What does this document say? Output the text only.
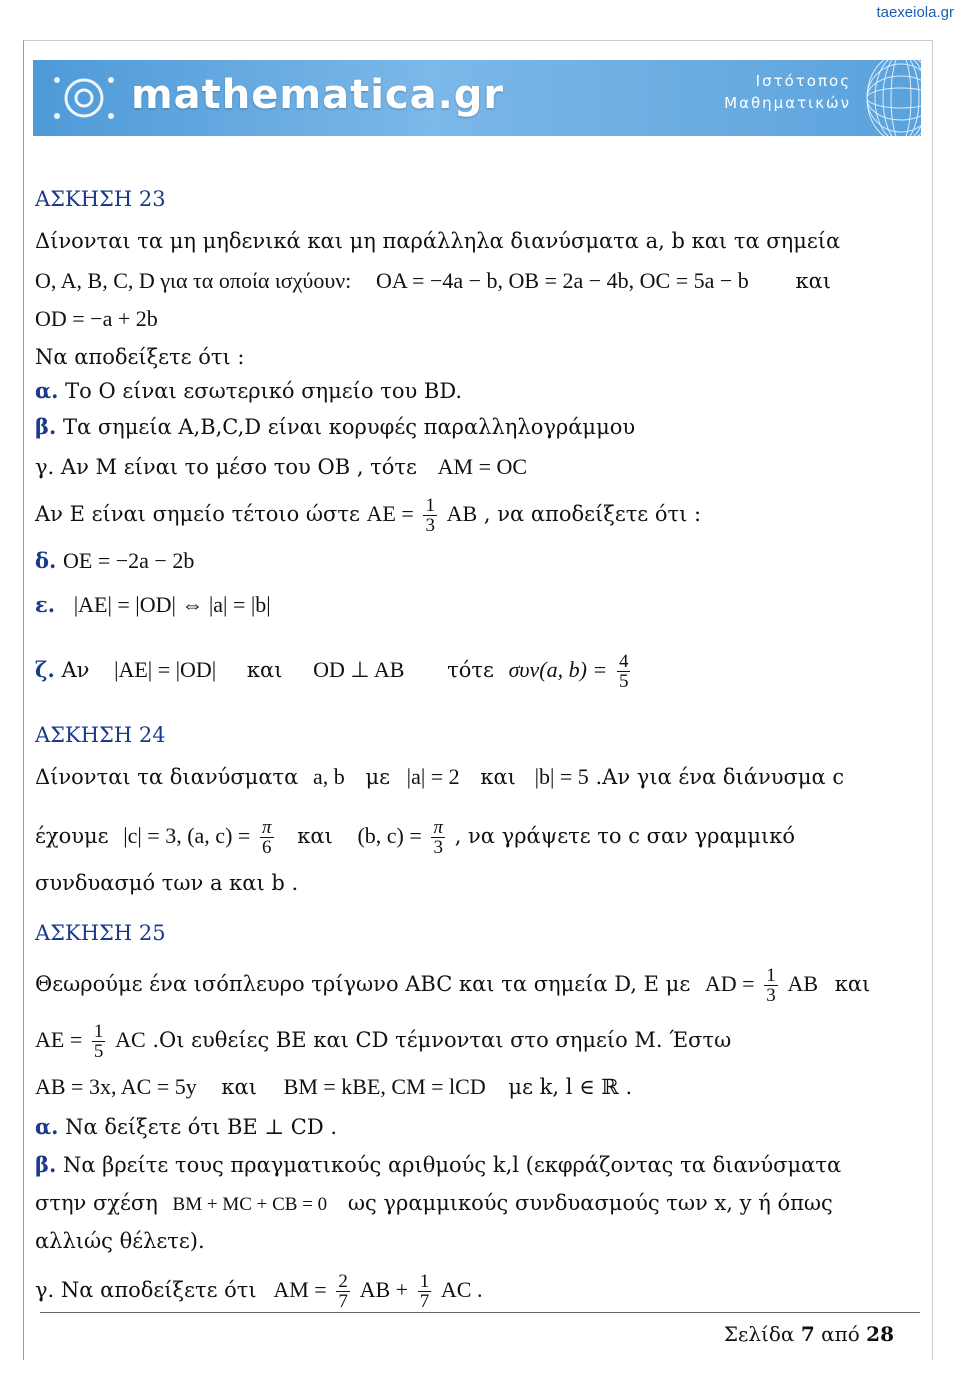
taexeiola.gr
mathematica.gr	Ιστότοπος
Μαθηματικών
ΑΣΚΗΣΗ 23
Δίνονται τα μη μηδενικά και μη παράλληλα διανύσματα a, b και τα σημεία
O, A, B, C, D για τα οποία ισχύουν: OA = −4a − b, OB = 2a − 4b, OC = 5a − b και
OD = −a + 2b
Να αποδείξετε ότι :
α. Το O είναι εσωτερικό σημείο του BD.
β. Τα σημεία A,B,C,D είναι κορυφές παραλληλογράμμου
γ. Αν M είναι το μέσο του OB , τότε AM = OC
Αν E είναι σημείο τέτοιο ώστε AE = $\frac{1}{3}$ AB , να αποδείξετε ότι :
δ. OE = −2a − 2b
ε. |AE| = |OD| ⇔ |a| = |b|
ζ. Αν |AE| = |OD| και OD ⊥ AB τότε συν(a, $b) = \frac{4}{5}$
ΑΣΚΗΣΗ 24
Δίνονται τα διανύσματα a, b με |a| = 2 και |b| = 5 .Αν για ένα διάνυσμα c
έχουμε |c| = 3, (a, $c) = \frac{\pi}{6}$ και (b, $c) = \frac{\pi}{3}$ , να γράψετε το c σαν γραμμικό
συνδυασμό των a και b .
ΑΣΚΗΣΗ 25
Θεωρούμε ένα ισόπλευρο τρίγωνο ABC και τα σημεία D, E με AD = $\frac{1}{3}$ AB και
AE = $\frac{1}{5}$ AC .Οι ευθείες BE και CD τέμνονται στο σημείο M. Έστω
AB = 3x, AC = 5y και BM = kBE, CM = lCD με k, l ∈ ℝ .
α. Να δείξετε ότι BE ⊥ CD .
β. Να βρείτε τους πραγματικούς αριθμούς k,l (εκφράζοντας τα διανύσματα
στην σχέση BM + MC + CB = 0 ως γραμμικούς συνδυασμούς των x, y ή όπως
αλλιώς θέλετε).
γ. Να αποδείξετε ότι AM = $\frac{2}{7}$ AB + $\frac{1}{7}$ AC .
Σελίδα 7 από 28
